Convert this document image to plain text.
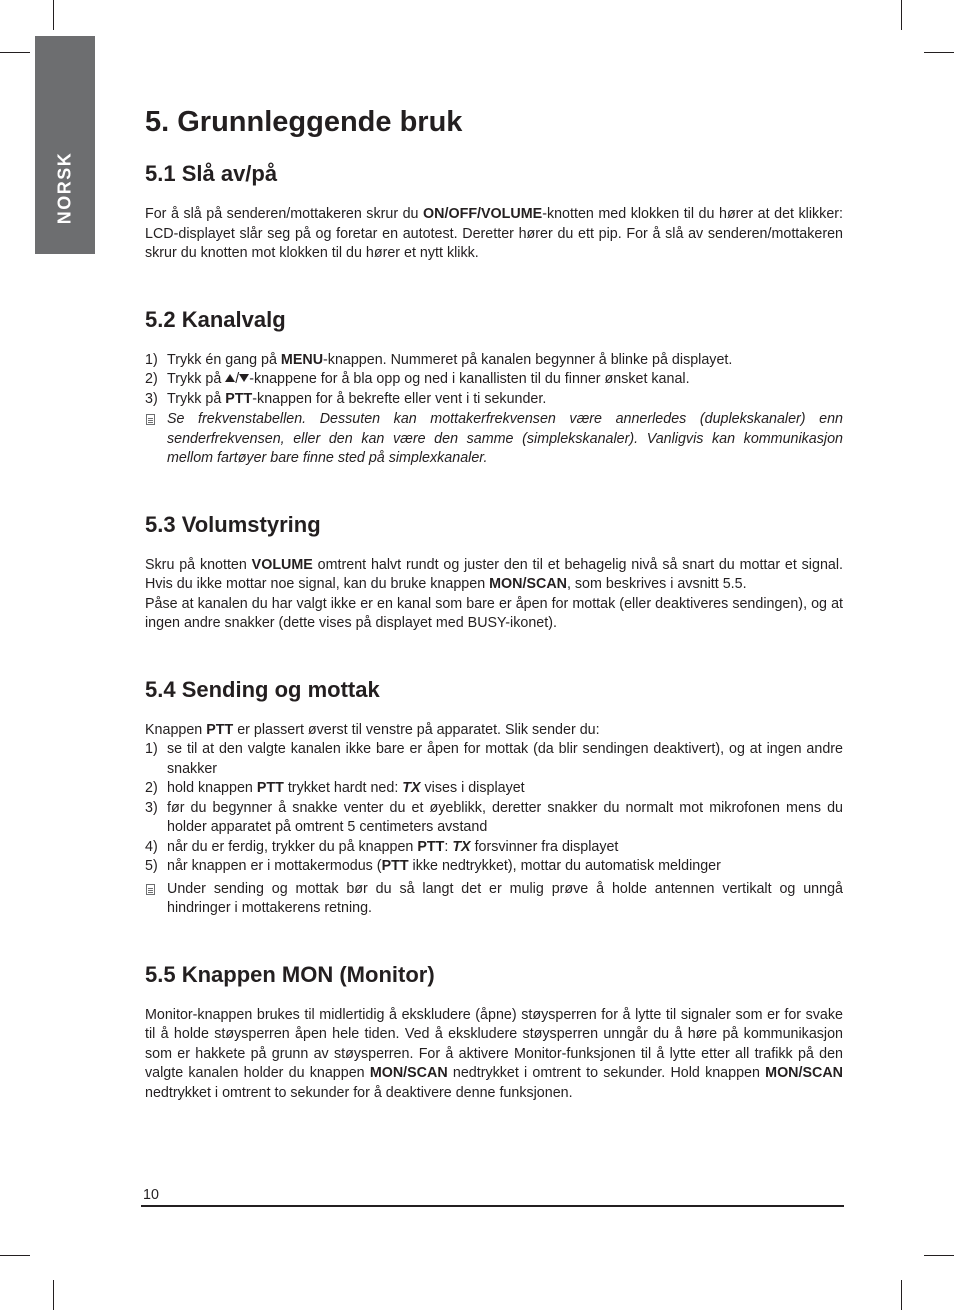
NORSK
5. Grunnleggende bruk
5.1 Slå av/på

For å slå på senderen/mottakeren skrur du ON/OFF/VOLUME-knotten med klokken til du hører at det klikker: LCD-displayet slår seg på og foretar en autotest. Deretter hører du ett pip. For å slå av senderen/mottakeren skrur du knotten mot klokken til du hører et nytt klikk.

5.2 Kanalvalg
1) Trykk én gang på MENU-knappen. Nummeret på kanalen begynner å blinke på displayet.
2) Trykk på / -knappene for å bla opp og ned i kanallisten til du finner ønsket kanal.
3) Trykk på PTT-knappen for å bekrefte eller vent i ti sekunder.
Se frekvenstabellen. Dessuten kan mottakerfrekvensen være annerledes (duplekskanaler) enn senderfrekvensen, eller den kan være den samme (simplekskanaler). Vanligvis kan kommunikasjon mellom fartøyer bare finne sted på simplexkanaler.
5.3 Volumstyring

Skru på knotten VOLUME omtrent halvt rundt og juster den til et behagelig nivå så snart du mottar et signal. Hvis du ikke mottar noe signal, kan du bruke knappen MON/SCAN, som beskrives i avsnitt 5.5.

Påse at kanalen du har valgt ikke er en kanal som bare er åpen for mottak (eller deaktiveres sendingen), og at ingen andre snakker (dette vises på displayet med BUSY-ikonet).

5.4 Sending og mottak

Knappen PTT er plassert øverst til venstre på apparatet. Slik sender du:

1) se til at den valgte kanalen ikke bare er åpen for mottak (da blir sendingen deaktivert), og at ingen andre snakker
2) hold knappen PTT trykket hardt ned: TX vises i displayet
3) før du begynner å snakke venter du et øyeblikk, deretter snakker du normalt mot mikrofonen mens du holder apparatet på omtrent 5 centimeters avstand
4) når du er ferdig, trykker du på knappen PTT: TX forsvinner fra displayet
5) når knappen er i mottakermodus (PTT ikke nedtrykket), mottar du automatisk meldinger
Under sending og mottak bør du så langt det er mulig prøve å holde antennen vertikalt og unngå hindringer i mottakerens retning.
5.5 Knappen MON (Monitor)

Monitor-knappen brukes til midlertidig å ekskludere (åpne) støysperren for å lytte til signaler som er for svake til å holde støysperren åpen hele tiden. Ved å ekskludere støysperren unngår du å høre på kommunikasjon som er hakkete på grunn av støysperren. For å aktivere Monitor-funksjonen til å lytte etter all trafikk på den valgte kanalen holder du knappen MON/SCAN nedtrykket i omtrent to sekunder. Hold knappen MON/SCAN nedtrykket i omtrent to sekunder for å deaktivere denne funksjonen.

10
